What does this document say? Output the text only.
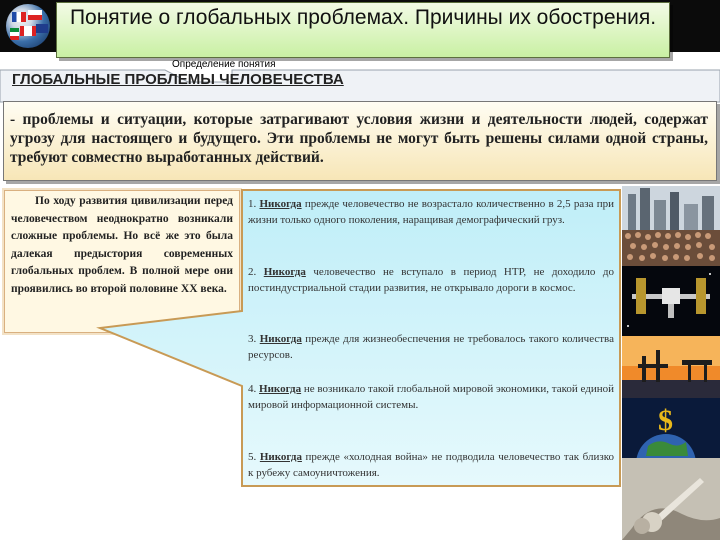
Понятие о глобальных проблемах. Причины их обострения.
Определение понятия
ГЛОБАЛЬНЫЕ ПРОБЛЕМЫ ЧЕЛОВЕЧЕСТВА
- проблемы и ситуации, которые затрагивают условия жизни и деятельности людей, содержат угрозу для настоящего и будущего. Эти проблемы не могут быть решены силами одной страны, требуют совместно выработанных действий.
По ходу развития цивилизации перед человечеством неоднократно возникали сложные проблемы. Но всё же это была далекая предыстория современных глобальных проблем. В полной мере они проявились во второй половине XX века.
1. Никогда прежде человечество не возрастало количественно в 2,5 раза при жизни только одного поколения, наращивая демографический груз.
2. Никогда человечество не вступало в период НТР, не доходило до постиндустриальной стадии развития, не открывало дороги в космос.
3. Никогда прежде для жизнеобеспечения не требовалось такого количества ресурсов.
4. Никогда не возникало такой глобальной мировой экономики, такой единой мировой информационной системы.
5. Никогда прежде «холодная война» не подводила человечество так близко к рубежу самоуничтожения.
$
